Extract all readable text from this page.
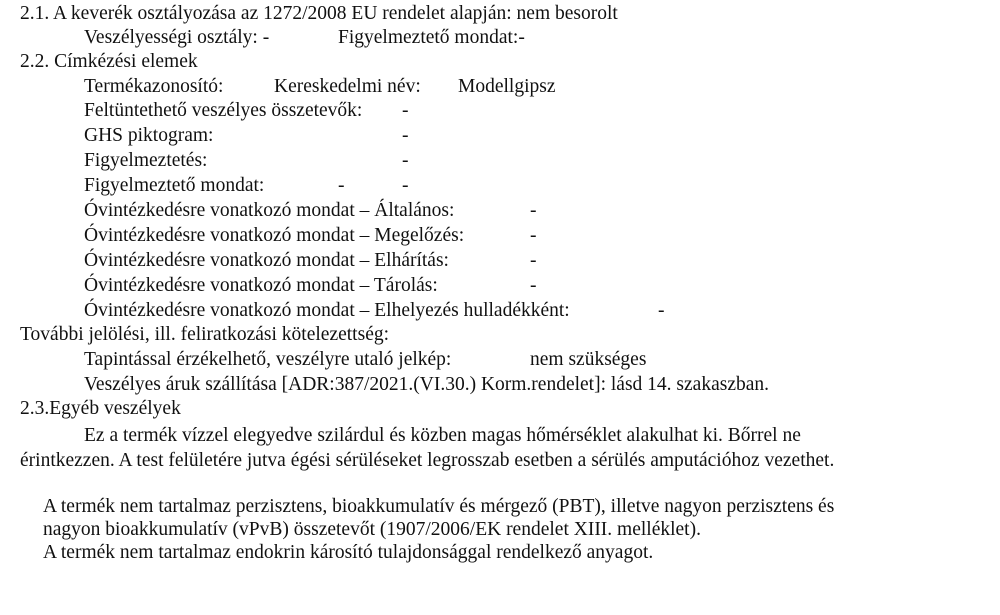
2.1. A keverék osztályozása az 1272/2008 EU rendelet alapján: nem besorolt
Veszélyességi osztály: -	Figyelmeztető mondat:-
2.2. Címkézési elemek
Termékazonosító:	Kereskedelmi név: Modellgipsz
Feltüntethető veszélyes összetevők: -
GHS piktogram:	-
Figyelmeztetés:	-
Figyelmeztető mondat:	-	-
Óvintézkedésre vonatkozó mondat – Általános:	-
Óvintézkedésre vonatkozó mondat – Megelőzés:	-
Óvintézkedésre vonatkozó mondat – Elhárítás:	-
Óvintézkedésre vonatkozó mondat – Tárolás:	-
Óvintézkedésre vonatkozó mondat – Elhelyezés hulladékként:	-
További jelölési, ill. feliratkozási kötelezettség:
Tapintással érzékelhető, veszélyre utaló jelkép:	nem szükséges
Veszélyes áruk szállítása [ADR:387/2021.(VI.30.) Korm.rendelet]: lásd 14. szakaszban.
2.3.Egyéb veszélyek
Ez a termék vízzel elegyedve szilárdul és közben magas hőmérséklet alakulhat ki. Bőrrel ne
érintkezzen. A test felületére jutva égési sérüléseket legrosszab esetben a sérülés amputációhoz vezethet.
A termék nem tartalmaz perzisztens, bioakkumulatív és mérgező (PBT), illetve nagyon perzisztens és
nagyon bioakkumulatív (vPvB) összetevőt (1907/2006/EK rendelet XIII. melléklet).
A termék nem tartalmaz endokrin károsító tulajdonsággal rendelkező anyagot.
